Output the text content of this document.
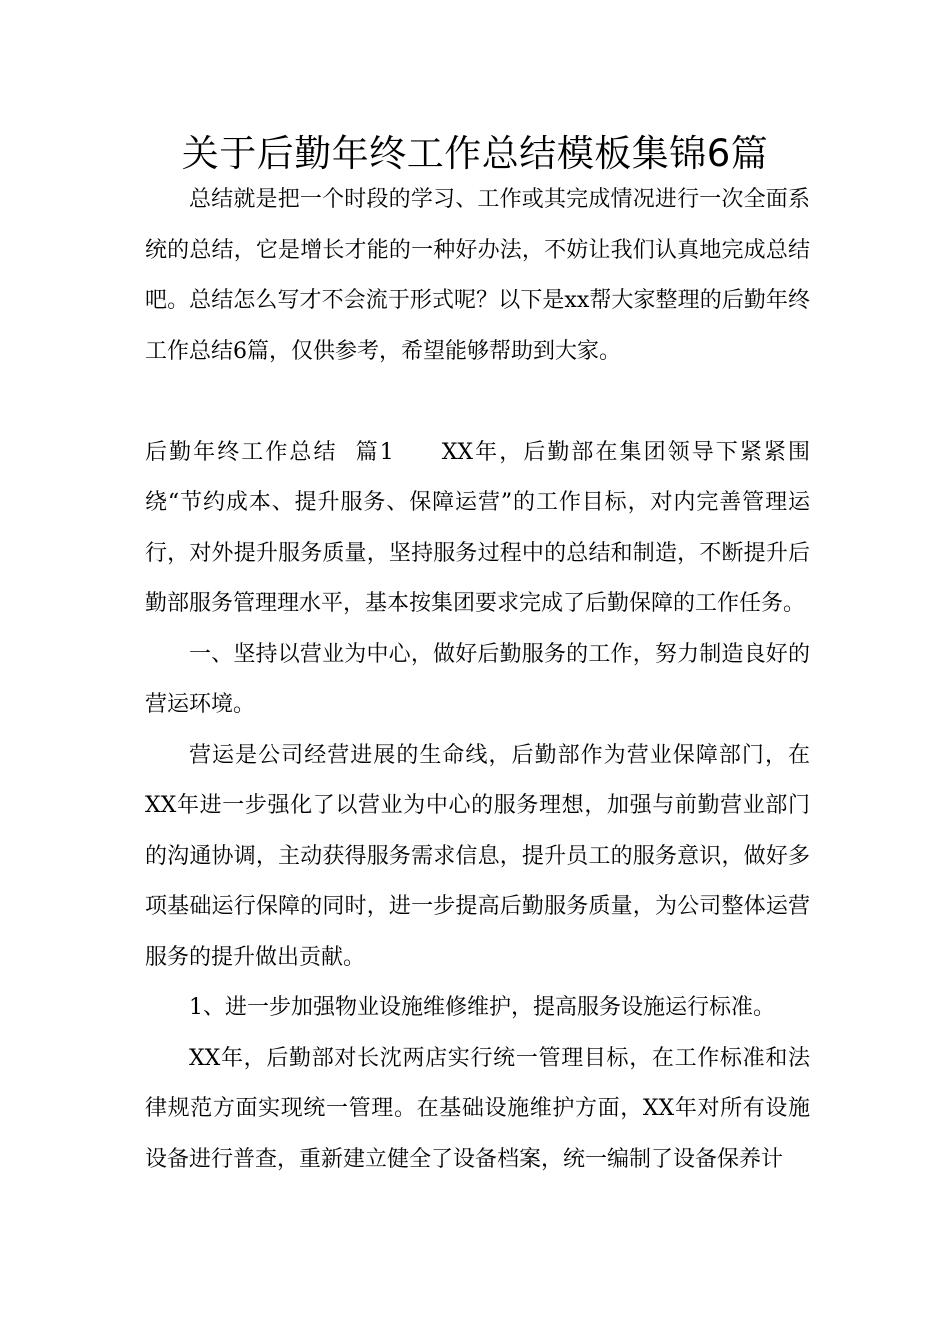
关于后勤年终工作总结模板集锦6篇

总结就是把一个时段的学习、工作或其完成情况进行一次全面系统的总结，它是增长才能的一种好办法，不妨让我们认真地完成总结吧。总结怎么写才不会流于形式呢？以下是xx帮大家整理的后勤年终工作总结6篇，仅供参考，希望能够帮助到大家。

后勤年终工作总结  篇1 XX年，后勤部在集团领导下紧紧围绕“节约成本、提升服务、保障运营”的工作目标，对内完善管理运行，对外提升服务质量，坚持服务过程中的总结和制造，不断提升后勤部服务管理理水平，基本按集团要求完成了后勤保障的工作任务。

一、坚持以营业为中心，做好后勤服务的工作，努力制造良好的营运环境。

营运是公司经营进展的生命线，后勤部作为营业保障部门，在XX年进一步强化了以营业为中心的服务理想，加强与前勤营业部门的沟通协调，主动获得服务需求信息，提升员工的服务意识，做好多项基础运行保障的同时，进一步提高后勤服务质量，为公司整体运营服务的提升做出贡献。

1、进一步加强物业设施维修维护，提高服务设施运行标准。

XX年，后勤部对长沈两店实行统一管理目标，在工作标准和法律规范方面实现统一管理。在基础设施维护方面，XX年对所有设施设备进行普查，重新建立健全了设备档案，统一编制了设备保养计
